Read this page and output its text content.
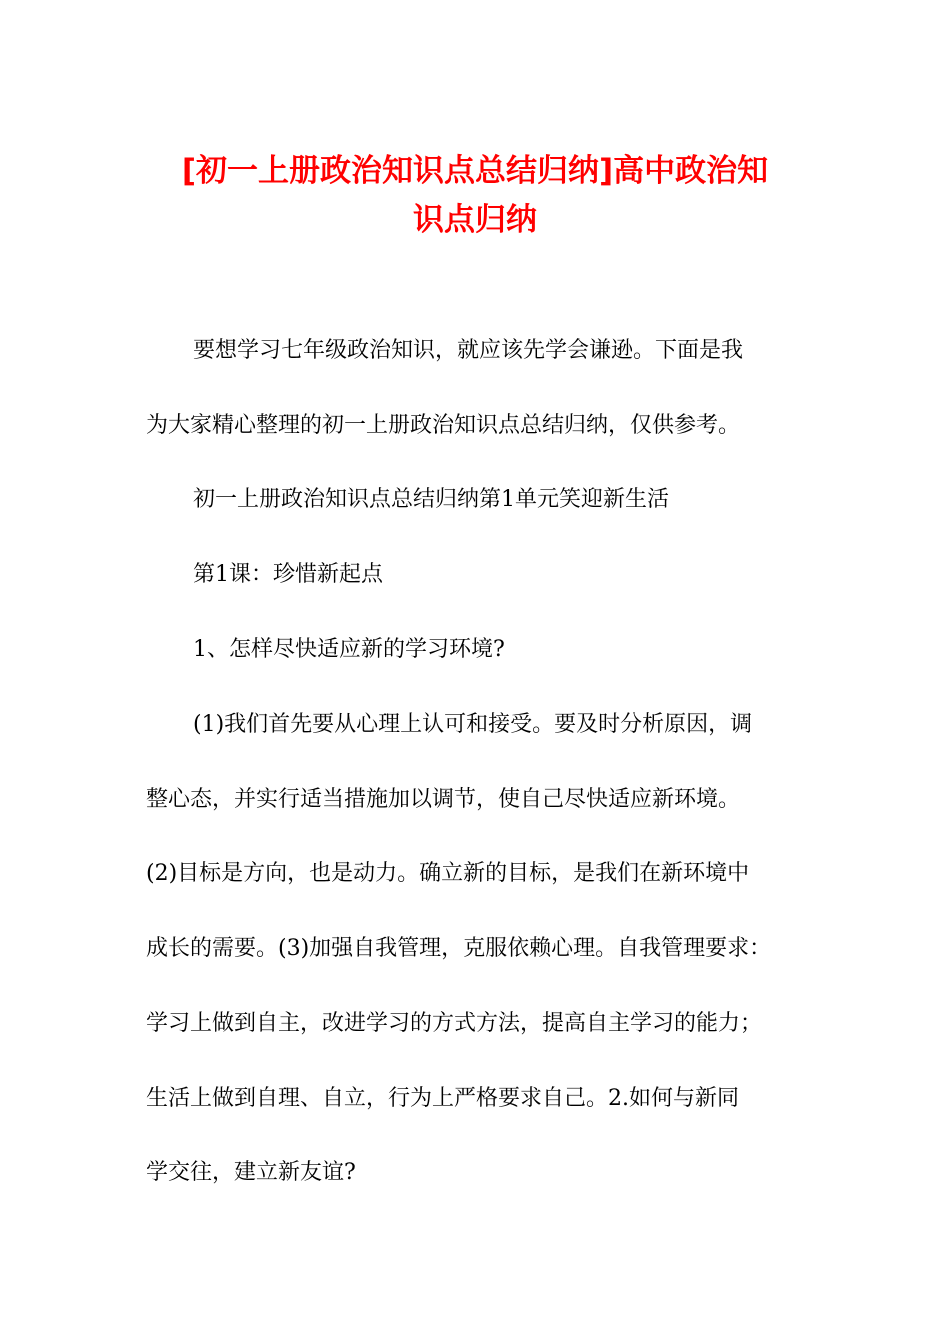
[初一上册政治知识点总结归纳]高中政治知
识点归纳

要想学习七年级政治知识，就应该先学会谦逊。下面是我

为大家精心整理的初一上册政治知识点总结归纳，仅供参考。

初一上册政治知识点总结归纳第1单元笑迎新生活

第1课：珍惜新起点

1、怎样尽快适应新的学习环境?

(1)我们首先要从心理上认可和接受。要及时分析原因，调

整心态，并实行适当措施加以调节，使自己尽快适应新环境。

(2)目标是方向，也是动力。确立新的目标，是我们在新环境中

成长的需要。(3)加强自我管理，克服依赖心理。自我管理要求：

学习上做到自主，改进学习的方式方法，提高自主学习的能力；

生活上做到自理、自立，行为上严格要求自己。2.如何与新同

学交往，建立新友谊?
